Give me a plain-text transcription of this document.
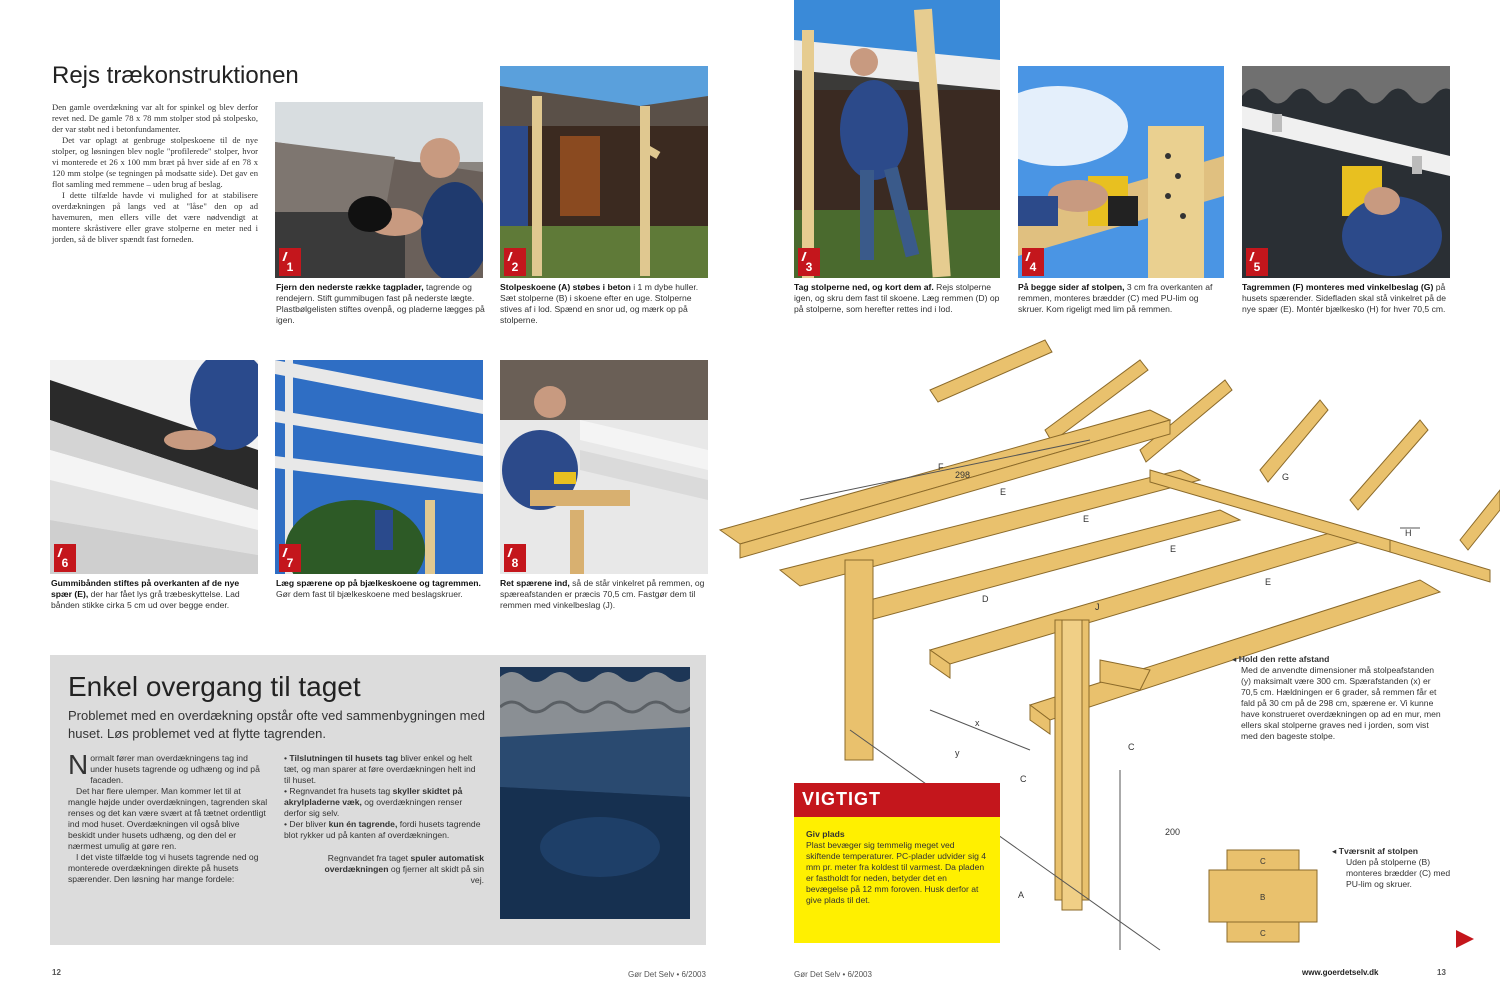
Rejs trækonstruktionen

Den gamle overdækning var alt for spinkel og blev derfor revet ned. De gamle 78 x 78 mm stolper stod på stolpesko, der var støbt ned i betonfundamenter.

Det var oplagt at genbruge stolpeskoene til de nye stolper, og løsningen blev nogle "profilerede" stolper, hvor vi monterede et 26 x 100 mm bræt på hver side af en 78 x 120 mm stolpe (se tegningen på modsatte side). Det gav en flot samling med remmene – uden brug af beslag.

I dette tilfælde havde vi mulighed for at stabilisere overdækningen på langs ved at "låse" den op ad havemuren, men ellers ville det være nødvendigt at montere skråstivere eller grave stolperne en meter ned i jorden, så de bliver spændt fast forneden.

1
Fjern den nederste række tagplader, tagrende og rendejern. Stift gummibugen fast på nederste lægte. Plastbølgelisten stiftes ovenpå, og pladerne lægges på igen.
2
Stolpeskoene (A) støbes i beton i 1 m dybe huller. Sæt stolperne (B) i skoene efter en uge. Stolperne stives af i lod. Spænd en snor ud, og mærk op på stolperne.
6
Gummibånden stiftes på overkanten af de nye spær (E), der har fået lys grå træbeskyttelse. Lad bånden stikke cirka 5 cm ud over begge ender.
7
Læg spærene op på bjælkeskoene og tagremmen. Gør dem fast til bjælkeskoene med beslagskruer.
8
Ret spærene ind, så de står vinkelret på remmen, og spæreafstanden er præcis 70,5 cm. Fastgør dem til remmen med vinkelbeslag (J).
Enkel overgang til taget
Problemet med en overdækning opstår ofte ved sammenbygningen med huset. Løs problemet ved at flytte tagrenden.
N ormalt fører man overdækningens tag ind under husets tagrende og udhæng og ind på facaden.

Det har flere ulemper. Man kommer let til at mangle højde under overdækningen, tagrenden skal renses og det kan være svært at få tætnet ordentligt ind mod huset. Overdækningen vil også blive beskidt under husets udhæng, og den del er nærmest umulig at gøre ren.

I det viste tilfælde tog vi husets tagrende ned og monterede overdækningen direkte på husets spærender. Den løsning har mange fordele:

• Tilslutningen til husets tag bliver enkel og helt tæt, og man sparer at føre overdækningen helt ind til huset.
• Regnvandet fra husets tag skyller skidtet på akrylpladerne væk, og overdækningen renser derfor sig selv.
• Der bliver kun én tagrende, fordi husets tagrende blot rykker ud på kanten af overdækningen.
Regnvandet fra taget spuler automatisk overdækningen og fjerner alt skidt på sin vej.
12	Gør Det Selv • 6/2003
3
Tag stolperne ned, og kort dem af. Rejs stolperne igen, og skru dem fast til skoene. Læg remmen (D) op på stolperne, som herefter rettes ind i lod.
4
På begge sider af stolpen, 3 cm fra overkanten af remmen, monteres brædder (C) med PU-lim og skruer. Kom rigeligt med lim på remmen.
5
Tagremmen (F) monteres med vinkelbeslag (G) på husets spærender. Sidefladen skal stå vinkelret på de nye spær (E). Montér bjælkesko (H) for hver 70,5 cm.
298
200
x
y
A
C
C
D
E
E
E
E
F
G
H
J
◂ Hold den rette afstand
Med de anvendte dimensioner må stolpeafstanden (y) maksimalt være 300 cm. Spærafstanden (x) er 70,5 cm. Hældningen er 6 grader, så remmen får et fald på 30 cm på de 298 cm, spærene er. Vi kunne have konstrueret overdækningen op ad en mur, men ellers skal stolperne graves ned i jorden, som vist med den bageste stolpe.
◂ Tværsnit af stolpen
Uden på stolperne (B) monteres brædder (C) med PU-lim og skruer.
C
B
C
VIGTIGT
Giv plads
Plast bevæger sig temmelig meget ved skiftende temperaturer. PC-plader udvider sig 4 mm pr. meter fra koldest til varmest. Da pladen er fastholdt for neden, betyder det en bevægelse på 12 mm foroven. Husk derfor at give plads til det.
Gør Det Selv • 6/2003	www.goerdetselv.dk	13
